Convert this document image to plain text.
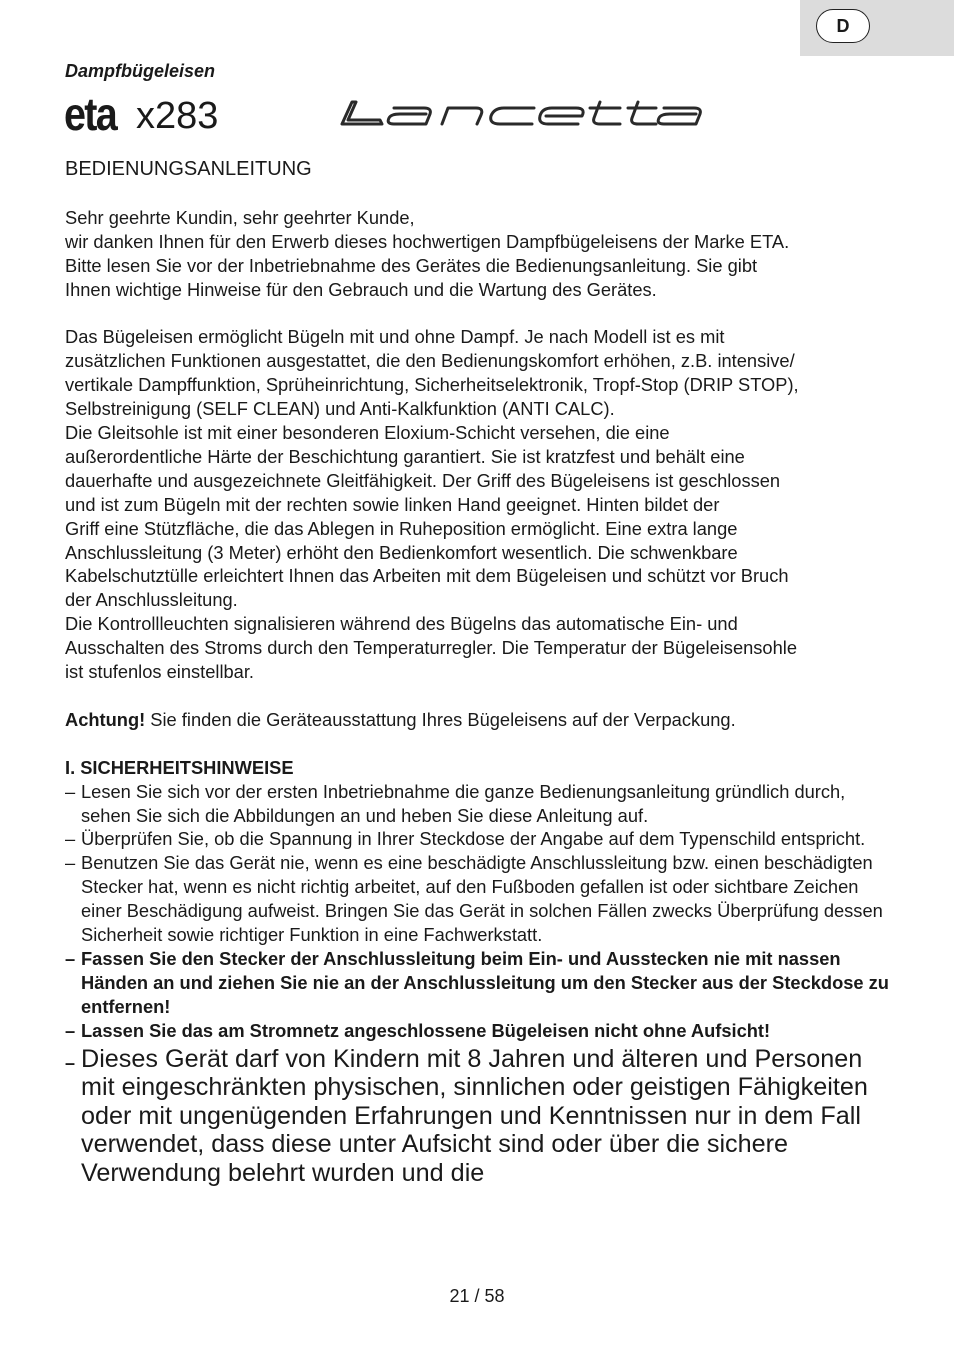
D
Dampfbügeleisen
eta x283

BEDIENUNGSANLEITUNG

Sehr geehrte Kundin, sehr geehrter Kunde,

wir danken Ihnen für den Erwerb dieses hochwertigen Dampfbügeleisens der Marke ETA.

Bitte lesen Sie vor der Inbetriebnahme des Gerätes die Bedienungsanleitung. Sie gibt

Ihnen wichtige Hinweise für den Gebrauch und die Wartung des Gerätes.

Das Bügeleisen ermöglicht Bügeln mit und ohne Dampf. Je nach Modell ist es mit

zusätzlichen Funktionen ausgestattet, die den Bedienungskomfort erhöhen, z.B. intensive/

vertikale Dampffunktion, Sprüheinrichtung, Sicherheitselektronik, Tropf-Stop (DRIP STOP),

Selbstreinigung (SELF CLEAN) und Anti-Kalkfunktion (ANTI CALC).

Die Gleitsohle ist mit einer besonderen Eloxium-Schicht versehen, die eine

außerordentliche Härte der Beschichtung garantiert. Sie ist kratzfest und behält eine

dauerhafte und ausgezeichnete Gleitfähigkeit. Der Griff des Bügeleisens ist geschlossen

und ist zum Bügeln mit der rechten sowie linken Hand geeignet. Hinten bildet der

Griff eine Stützfläche, die das Ablegen in Ruheposition ermöglicht. Eine extra lange

Anschlussleitung (3 Meter) erhöht den Bedienkomfort wesentlich. Die schwenkbare

Kabelschutztülle erleichtert Ihnen das Arbeiten mit dem Bügeleisen und schützt vor Bruch

der Anschlussleitung.

Die Kontrollleuchten signalisieren während des Bügelns das automatische Ein- und

Ausschalten des Stroms durch den Temperaturregler. Die Temperatur der Bügeleisensohle

ist stufenlos einstellbar.

Achtung! Sie finden die Geräteausstattung Ihres Bügeleisens auf der Verpackung.

I. SICHERHEITSHINWEISE

– Lesen Sie sich vor der ersten Inbetriebnahme die ganze Bedienungsanleitung gründlich durch, sehen Sie sich die Abbildungen an und heben Sie diese Anleitung auf.
– Überprüfen Sie, ob die Spannung in Ihrer Steckdose der Angabe auf dem Typenschild entspricht.
– Benutzen Sie das Gerät nie, wenn es eine beschädigte Anschlussleitung bzw. einen beschädigten Stecker hat, wenn es nicht richtig arbeitet, auf den Fußboden gefallen ist oder sichtbare Zeichen einer Beschädigung aufweist. Bringen Sie das Gerät in solchen Fällen zwecks Überprüfung dessen Sicherheit sowie richtiger Funktion in eine Fachwerkstatt.
– Fassen Sie den Stecker der Anschlussleitung beim Ein- und Ausstecken nie mit nassen Händen an und ziehen Sie nie an der Anschlussleitung um den Stecker aus der Steckdose zu entfernen!
– Lassen Sie das am Stromnetz angeschlossene Bügeleisen nicht ohne Aufsicht!
– Dieses Gerät darf von Kindern mit 8 Jahren und älteren und Personen mit eingeschränkten physischen, sinnlichen oder geistigen Fähigkeiten oder mit ungenügenden Erfahrungen und Kenntnissen nur in dem Fall verwendet, dass diese unter Aufsicht sind oder über die sichere Verwendung belehrt wurden und die
21 / 58
